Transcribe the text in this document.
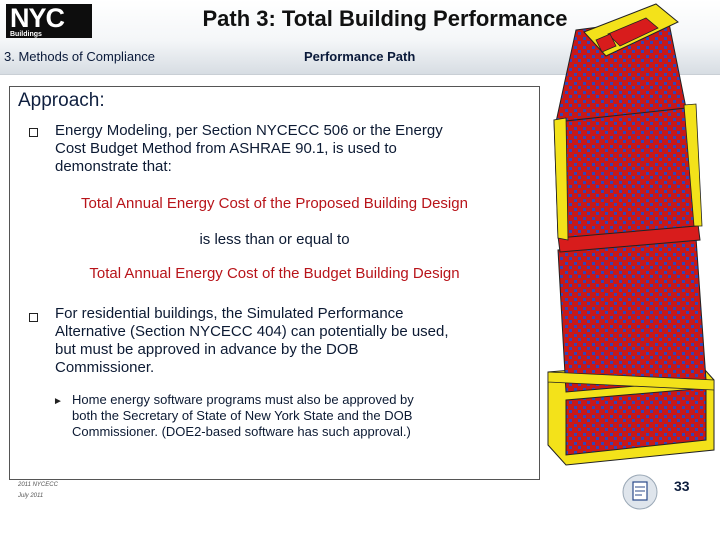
NYC
Buildings
Path 3: Total Building Performance
3. Methods of Compliance	Performance Path
Approach:
Energy Modeling, per Section NYCECC 506 or the Energy
Cost Budget Method from ASHRAE 90.1, is used to
demonstrate that:
Total Annual Energy Cost of the Proposed Building Design
is less than or equal to
Total Annual Energy Cost of the Budget Building Design
For residential buildings, the Simulated Performance
Alternative (Section NYCECC 404) can potentially be used,
but must be approved in advance by the DOB
Commissioner.
► Home energy software programs must also be approved by
both the Secretary of State of New York State and the DOB
Commissioner. (DOE2-based software has such approval.)
2011 NYCECC
July 2011
33
